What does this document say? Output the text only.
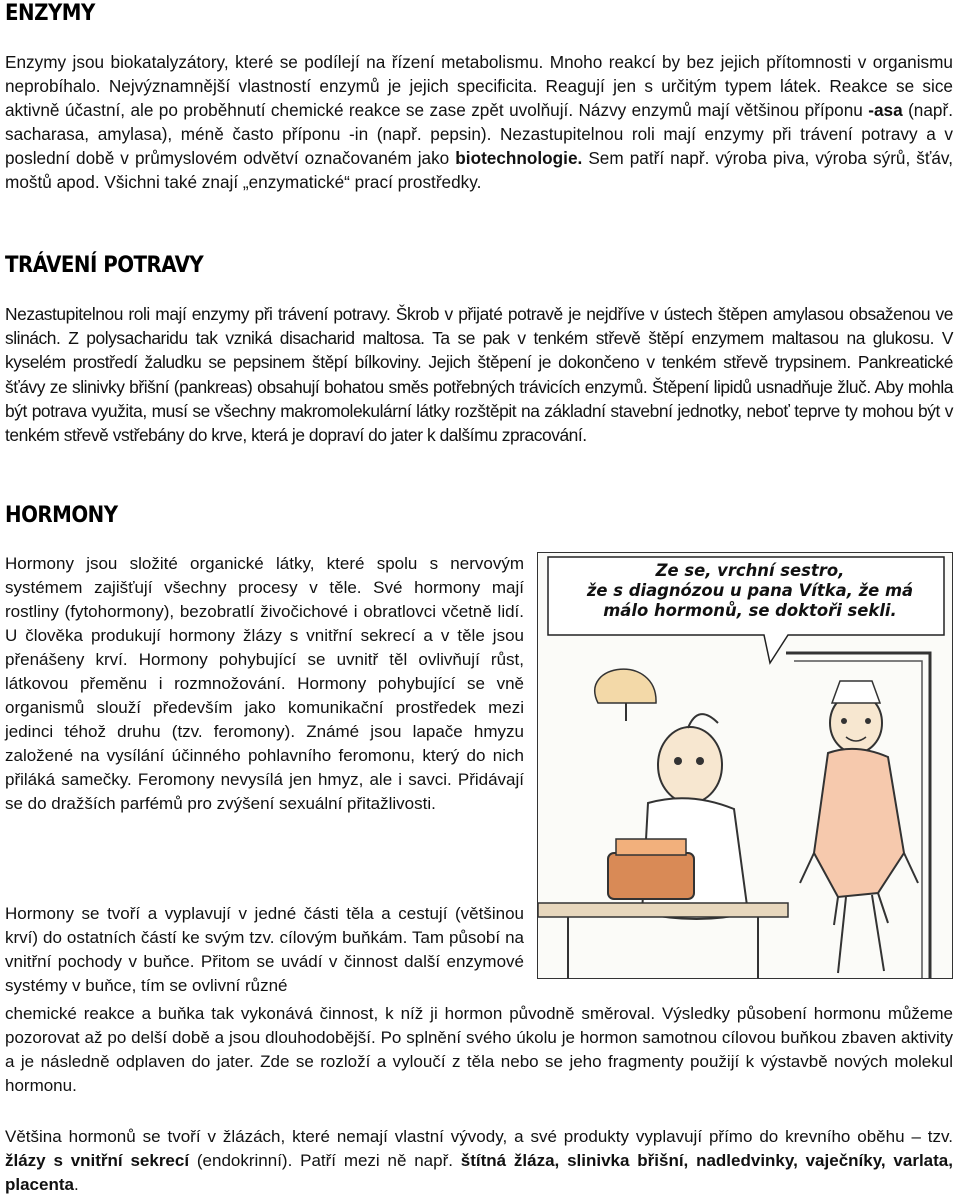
ENZYMY

Enzymy jsou biokatalyzátory, které se podílejí na řízení metabolismu. Mnoho reakcí by bez jejich přítomnosti v organismu neprobíhalo. Nejvýznamnější vlastností enzymů je jejich specificita. Reagují jen s určitým typem látek. Reakce se sice aktivně účastní, ale po proběhnutí chemické reakce se zase zpět uvolňují. Názvy enzymů mají většinou příponu -asa (např. sacharasa, amylasa), méně často příponu -in (např. pepsin). Nezastupitelnou roli mají enzymy při trávení potravy a v poslední době v průmyslovém odvětví označovaném jako biotechnologie. Sem patří např. výroba piva, výroba sýrů, šťáv, moštů apod. Všichni také znají „enzymatické“ prací prostředky.

TRÁVENÍ POTRAVY

Nezastupitelnou roli mají enzymy při trávení potravy. Škrob v přijaté potravě je nejdříve v ústech štěpen amylasou obsaženou ve slinách. Z polysacharidu tak vzniká disacharid maltosa. Ta se pak v tenkém střevě štěpí enzymem maltasou na glukosu. V kyselém prostředí žaludku se pepsinem štěpí bílkoviny. Jejich štěpení je dokončeno v tenkém střevě trypsinem. Pankreatické šťávy ze slinivky břišní (pankreas) obsahují bohatou směs potřebných trávicích enzymů. Štěpení lipidů usnadňuje žluč. Aby mohla být potrava využita, musí se všechny makromolekulární látky rozštěpit na základní stavební jednotky, neboť teprve ty mohou být v tenkém střevě vstřebány do krve, která je dopraví do jater k dalšímu zpracování.

HORMONY

Hormony jsou složité organické látky, které spolu s nervovým systémem zajišťují všechny procesy v těle. Své hormony mají rostliny (fytohormony), bezobratlí živočichové i obratlovci včetně lidí. U člověka produkují hormony žlázy s vnitřní sekrecí a v těle jsou přenášeny krví. Hormony pohybující se uvnitř těl ovlivňují růst, látkovou přeměnu i rozmnožování. Hormony pohybující se vně organismů slouží především jako komunikační prostředek mezi jedinci téhož druhu (tzv. feromony). Známé jsou lapače hmyzu založené na vysílání účinného pohlavního feromonu, který do nich přiláká samečky. Feromony nevysílá jen hmyz, ale i savci. Přidávají se do dražších parfémů pro zvýšení sexuální přitažlivosti.

Ze se, vrchní sestro,
že s diagnózou u pana Vítka, že má
málo hormonů, se doktoři sekli.

Hormony se tvoří a vyplavují v jedné části těla a cestují (většinou krví) do ostatních částí ke svým tzv. cílovým buňkám. Tam působí na vnitřní pochody v buňce. Přitom se uvádí v činnost další enzymové systémy v buňce, tím se ovlivní různé

chemické reakce a buňka tak vykonává činnost, k níž ji hormon původně směroval. Výsledky působení hormonu můžeme pozorovat až po delší době a jsou dlouhodobější. Po splnění svého úkolu je hormon samotnou cílovou buňkou zbaven aktivity a je následně odplaven do jater. Zde se rozloží a vyloučí z těla nebo se jeho fragmenty použijí k výstavbě nových molekul hormonu.

Většina hormonů se tvoří v žlázách, které nemají vlastní vývody, a své produkty vyplavují přímo do krevního oběhu – tzv. žlázy s vnitřní sekrecí (endokrinní). Patří mezi ně např. štítná žláza, slinivka břišní, nadledvinky, vaječníky, varlata, placenta.
